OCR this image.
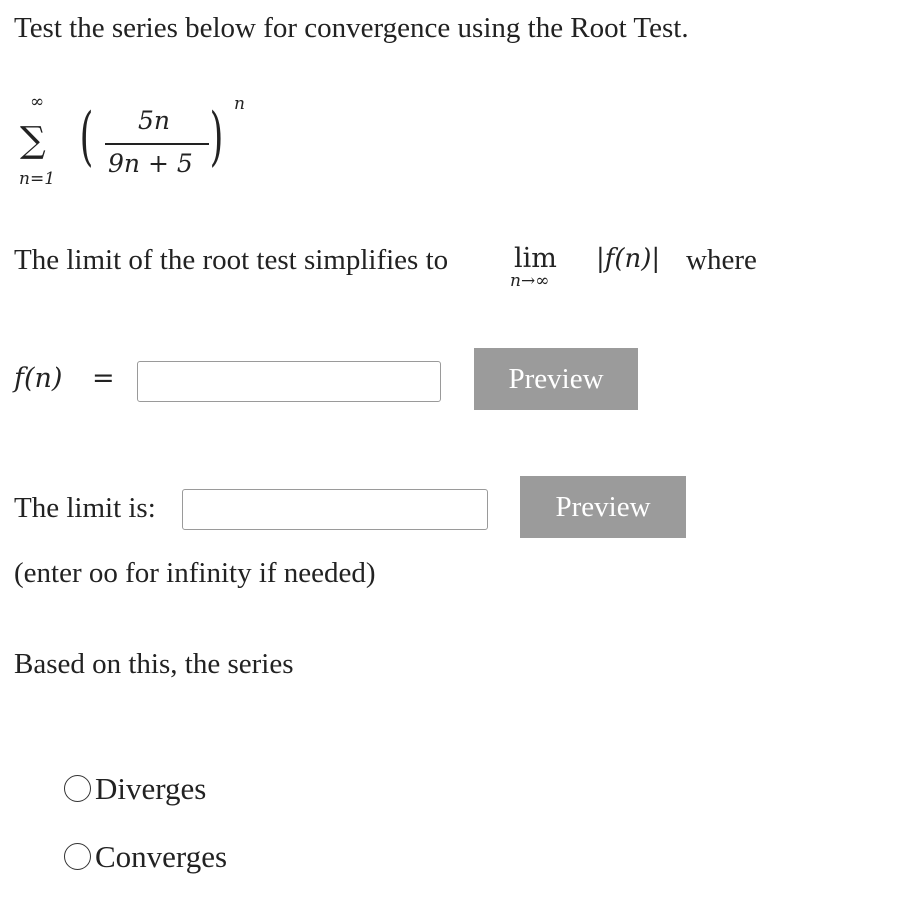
Test the series below for convergence using the Root Test.
∞
∑
n=1
( 5n
9n + 5 ) n
The limit of the root test simplifies to lim
n→∞
|f(n)| where
f(n) =	Preview
The limit is:	Preview
(enter oo for infinity if needed)
Based on this, the series
Diverges
Converges
